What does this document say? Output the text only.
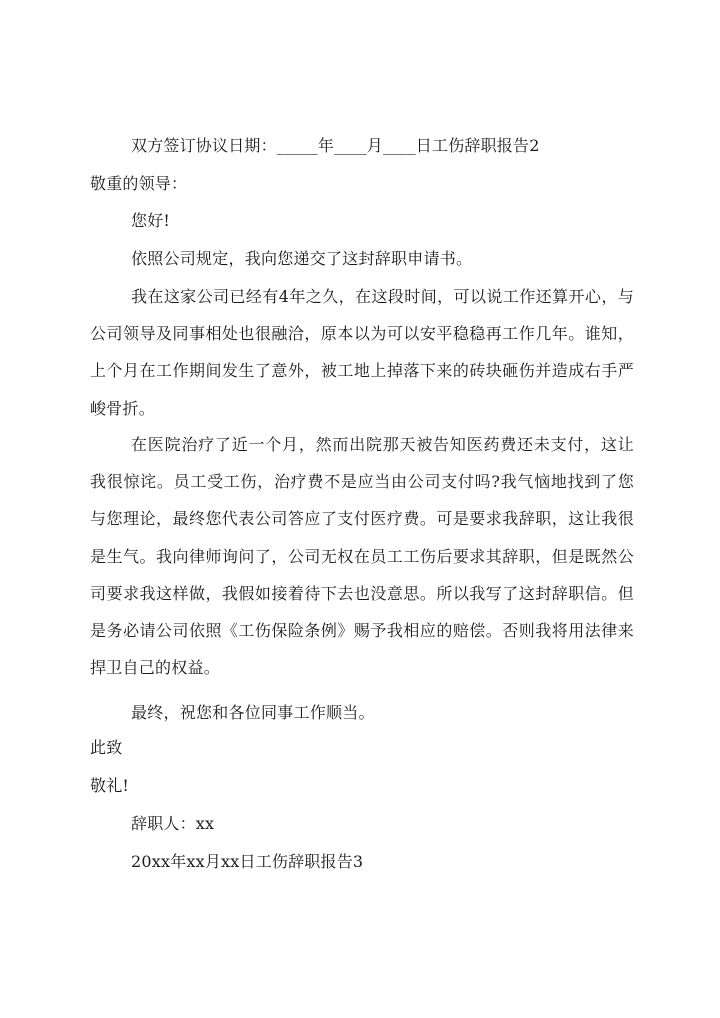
双方签订协议日期：_____年____月____日工伤辞职报告2
敬重的领导：
您好!
依照公司规定，我向您递交了这封辞职申请书。
我在这家公司已经有4年之久，在这段时间，可以说工作还算开心，与公司领导及同事相处也很融洽，原本以为可以安平稳稳再工作几年。谁知，上个月在工作期间发生了意外，被工地上掉落下来的砖块砸伤并造成右手严峻骨折。
在医院治疗了近一个月，然而出院那天被告知医药费还未支付，这让我很惊诧。员工受工伤，治疗费不是应当由公司支付吗?我气恼地找到了您与您理论，最终您代表公司答应了支付医疗费。可是要求我辞职，这让我很是生气。我向律师询问了，公司无权在员工工伤后要求其辞职，但是既然公司要求我这样做，我假如接着待下去也没意思。所以我写了这封辞职信。但是务必请公司依照《工伤保险条例》赐予我相应的赔偿。否则我将用法律来捍卫自己的权益。
最终，祝您和各位同事工作顺当。
此致
敬礼!
辞职人：xx
20xx年xx月xx日工伤辞职报告3
